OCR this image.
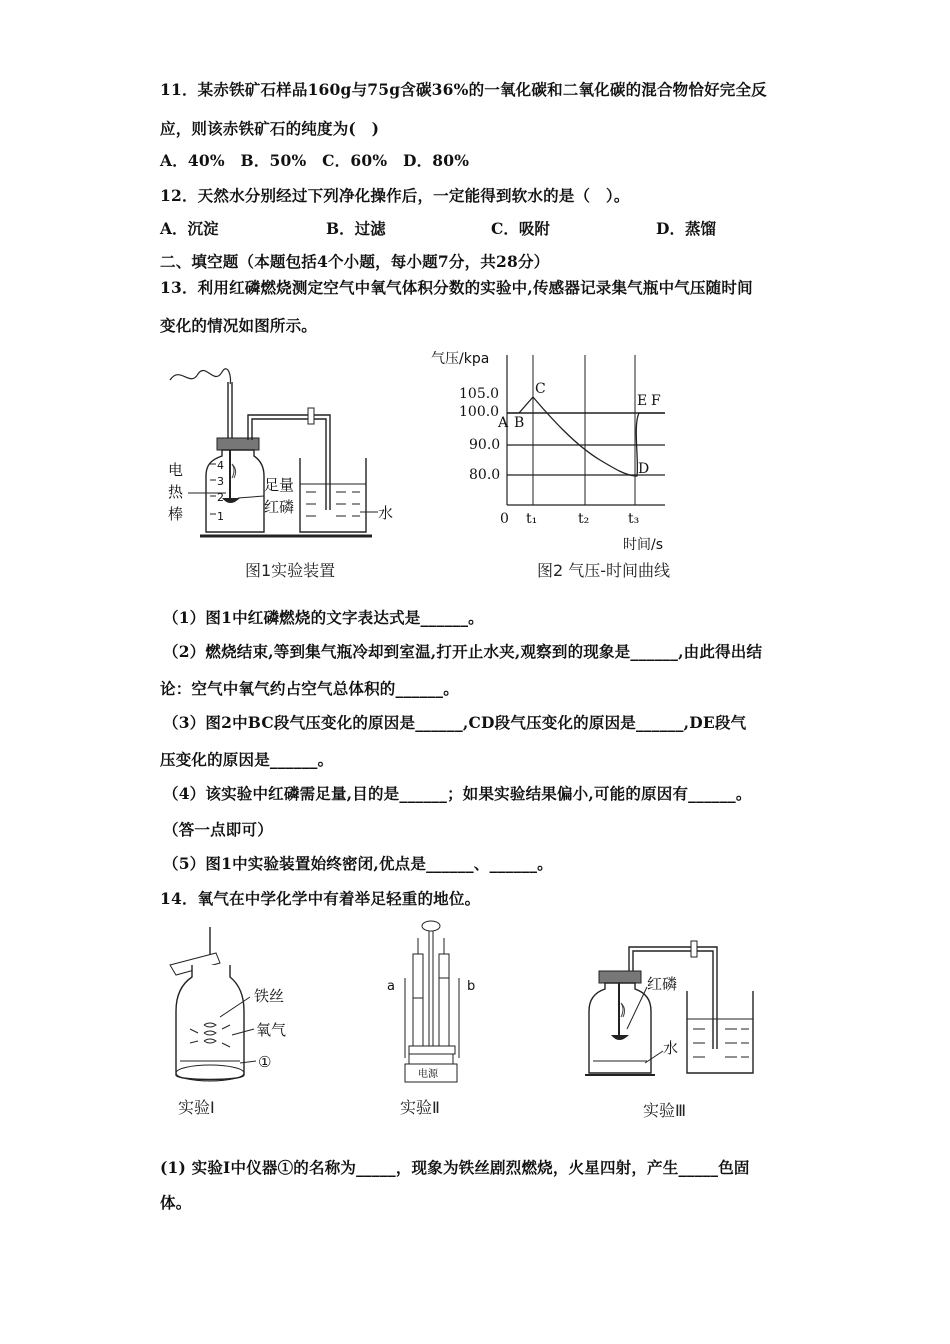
11．某赤铁矿石样品160g与75g含碳36%的一氧化碳和二氧化碳的混合物恰好完全反
应，则该赤铁矿石的纯度为(　)
A．40%　B．50%　C．60%　D．80%
12．天然水分别经过下列净化操作后，一定能得到软水的是（　）。
A．沉淀	B．过滤	C．吸附	D．蒸馏
二、填空题（本题包括4个小题，每小题7分，共28分）
13．利用红磷燃烧测定空气中氧气体积分数的实验中,传感器记录集气瓶中气压随时间
变化的情况如图所示。
4
3
2
1
电
热
棒
足量
红磷	水
图1实验装置
气压/kpa
105.0
100.0
90.0
80.0
0 t₁	t₂	t₃
A B
C
D
E F
时间/s
图2 气压-时间曲线
（1）图1中红磷燃烧的文字表达式是______。
（2）燃烧结束,等到集气瓶冷却到室温,打开止水夹,观察到的现象是______,由此得出结
论：空气中氧气约占空气总体积的______。
（3）图2中BC段气压变化的原因是______,CD段气压变化的原因是______,DE段气
压变化的原因是______。
（4）该实验中红磷需足量,目的是______；如果实验结果偏小,可能的原因有______。
（答一点即可）
（5）图1中实验装置始终密闭,优点是______、______。
14．氧气在中学化学中有着举足轻重的地位。
铁丝
氧气
①
实验Ⅰ
电源
a	b
实验Ⅱ
红磷
水
实验Ⅲ
(1) 实验Ⅰ中仪器①的名称为_____，现象为铁丝剧烈燃烧，火星四射，产生_____色固
体。
